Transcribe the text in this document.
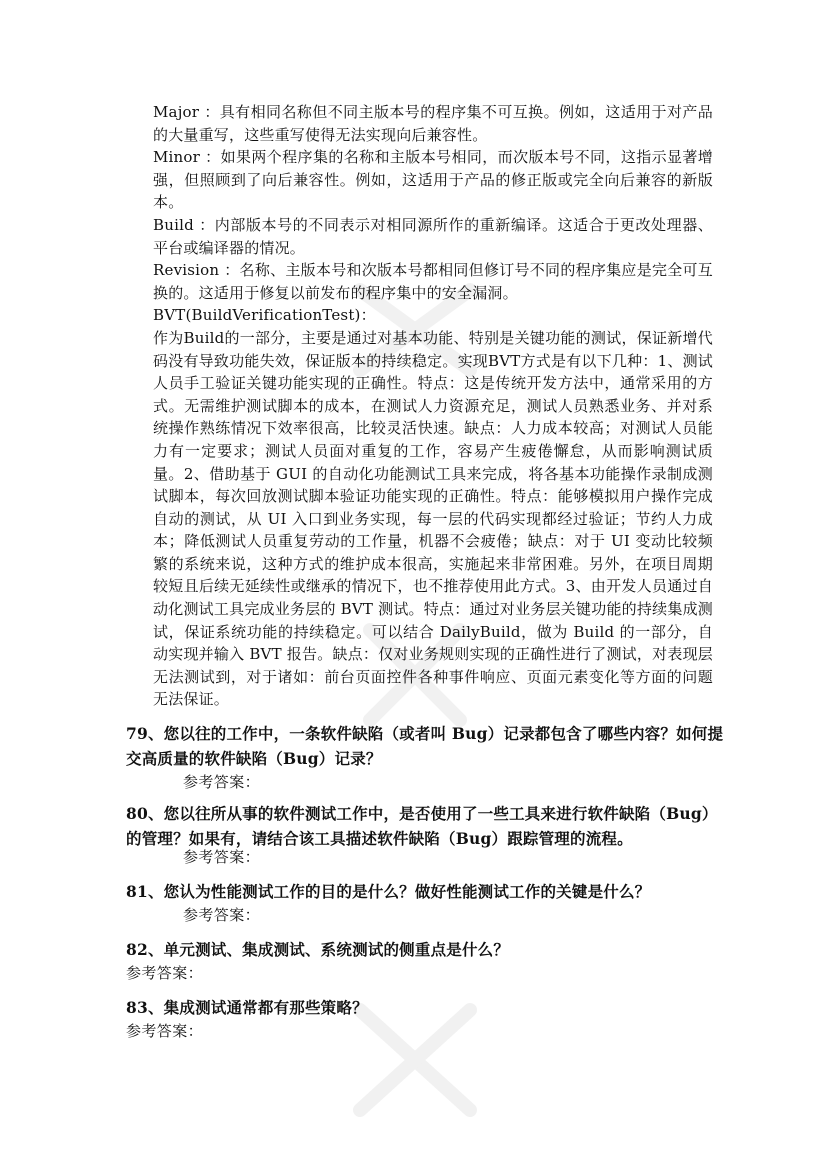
Major ：具有相同名称但不同主版本号的程序集不可互换。例如，这适用于对产品的大量重写，这些重写使得无法实现向后兼容性。

Minor ：如果两个程序集的名称和主版本号相同，而次版本号不同，这指示显著增强，但照顾到了向后兼容性。例如，这适用于产品的修正版或完全向后兼容的新版本。

Build ：内部版本号的不同表示对相同源所作的重新编译。这适合于更改处理器、平台或编译器的情况。

Revision ：名称、主版本号和次版本号都相同但修订号不同的程序集应是完全可互换的。这适用于修复以前发布的程序集中的安全漏洞。

BVT(BuildVerificationTest)：

作为Build的一部分，主要是通过对基本功能、特别是关键功能的测试，保证新增代码没有导致功能失效，保证版本的持续稳定。实现BVT方式是有以下几种：1、测试人员手工验证关键功能实现的正确性。特点：这是传统开发方法中，通常采用的方式。无需维护测试脚本的成本，在测试人力资源充足，测试人员熟悉业务、并对系统操作熟练情况下效率很高，比较灵活快速。缺点：人力成本较高；对测试人员能力有一定要求；测试人员面对重复的工作，容易产生疲倦懈怠，从而影响测试质量。2、借助基于 GUI 的自动化功能测试工具来完成，将各基本功能操作录制成测试脚本，每次回放测试脚本验证功能实现的正确性。特点：能够模拟用户操作完成自动的测试，从 UI 入口到业务实现，每一层的代码实现都经过验证；节约人力成本；降低测试人员重复劳动的工作量，机器不会疲倦；缺点：对于 UI 变动比较频繁的系统来说，这种方式的维护成本很高，实施起来非常困难。另外，在项目周期较短且后续无延续性或继承的情况下，也不推荐使用此方式。3、由开发人员通过自动化测试工具完成业务层的 BVT 测试。特点：通过对业务层关键功能的持续集成测试，保证系统功能的持续稳定。可以结合 DailyBuild，做为 Build 的一部分，自动实现并输入 BVT 报告。缺点：仅对业务规则实现的正确性进行了测试，对表现层无法测试到，对于诸如：前台页面控件各种事件响应、页面元素变化等方面的问题无法保证。

79、您以往的工作中，一条软件缺陷（或者叫 Bug）记录都包含了哪些内容？如何提交高质量的软件缺陷（Bug）记录？
参考答案：
80、您以往所从事的软件测试工作中，是否使用了一些工具来进行软件缺陷（Bug）的管理？如果有，请结合该工具描述软件缺陷（Bug）跟踪管理的流程。
参考答案：
81、您认为性能测试工作的目的是什么？做好性能测试工作的关键是什么？
参考答案：
82、单元测试、集成测试、系统测试的侧重点是什么？
参考答案：
83、集成测试通常都有那些策略？
参考答案：
